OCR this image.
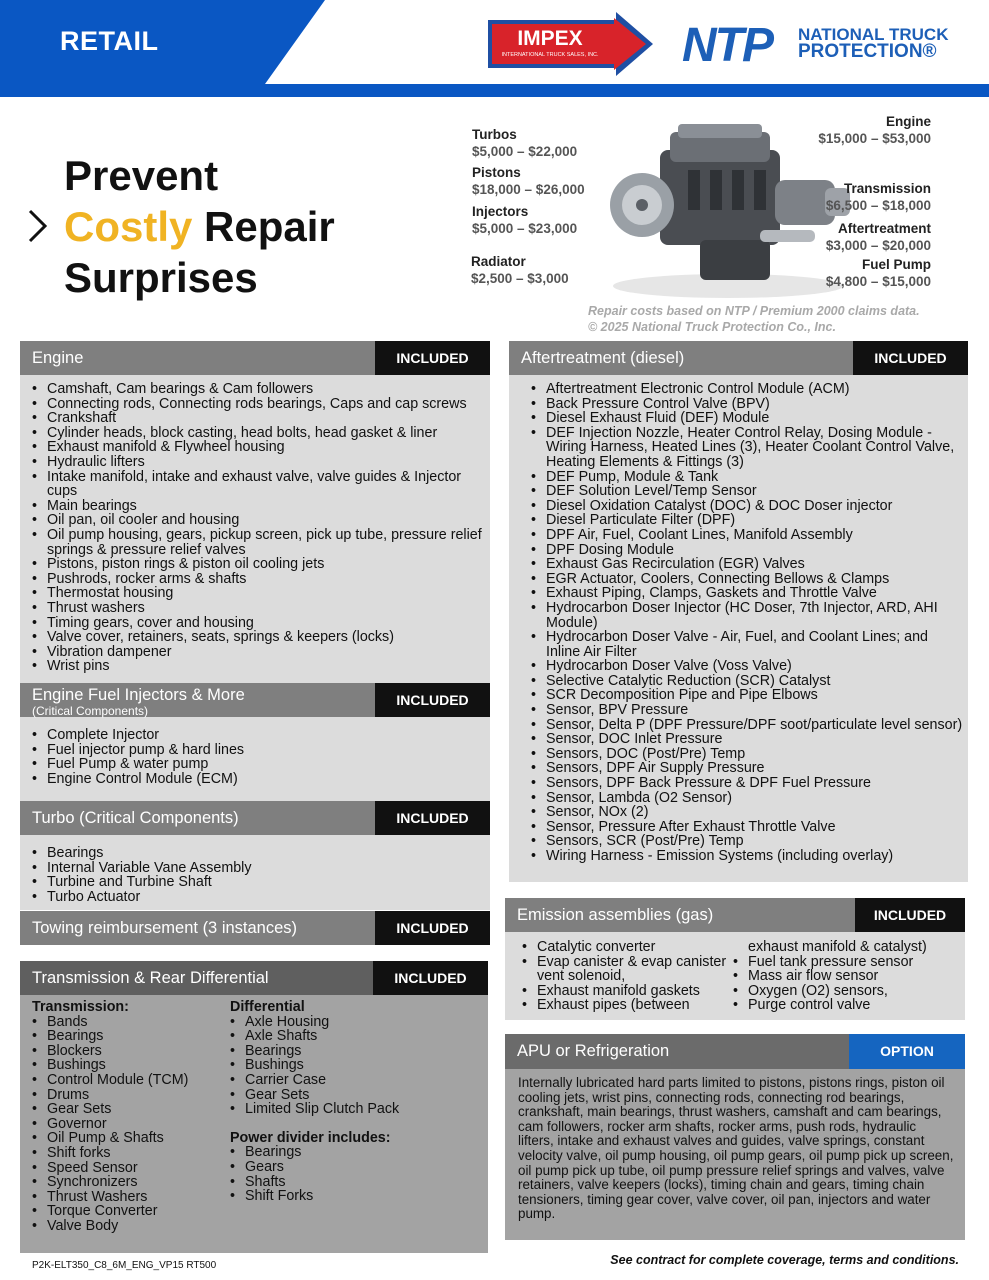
RETAIL	IMPEX
INTERNATIONAL TRUCK SALES, INC. NTP NATIONAL TRUCK
PROTECTION®
Prevent
Costly Repair
Surprises
Turbos
$5,000 – $22,000
Pistons
$18,000 – $26,000
Injectors
$5,000 – $23,000
Radiator
$2,500 – $3,000
Engine
$15,000 – $53,000
Transmission
$6,500 – $18,000
Aftertreatment
$3,000 – $20,000
Fuel Pump
$4,800 – $15,000
Repair costs based on NTP / Premium 2000 claims data.
© 2025 National Truck Protection Co., Inc.
Engine	INCLUDED
• Camshaft, Cam bearings & Cam followers
• Connecting rods, Connecting rods bearings, Caps and cap screws
• Crankshaft
• Cylinder heads, block casting, head bolts, head gasket & liner
• Exhaust manifold & Flywheel housing
• Hydraulic lifters
• Intake manifold, intake and exhaust valve, valve guides & Injector cups
• Main bearings
• Oil pan, oil cooler and housing
• Oil pump housing, gears, pickup screen, pick up tube, pressure relief springs & pressure relief valves
• Pistons, piston rings & piston oil cooling jets
• Pushrods, rocker arms & shafts
• Thermostat housing
• Thrust washers
• Timing gears, cover and housing
• Valve cover, retainers, seats, springs & keepers (locks)
• Vibration dampener
• Wrist pins
Engine Fuel Injectors & More
(Critical Components)
INCLUDED
• Complete Injector
• Fuel injector pump & hard lines
• Fuel Pump & water pump
• Engine Control Module (ECM)
Turbo (Critical Components)	INCLUDED
• Bearings
• Internal Variable Vane Assembly
• Turbine and Turbine Shaft
• Turbo Actuator
Towing reimbursement (3 instances)	INCLUDED
Transmission & Rear Differential	INCLUDED
Transmission:
• Bands
• Bearings
• Blockers
• Bushings
• Control Module (TCM)
• Drums
• Gear Sets
• Governor
• Oil Pump & Shafts
• Shift forks
• Speed Sensor
• Synchronizers
• Thrust Washers
• Torque Converter
• Valve Body
Differential
• Axle Housing
• Axle Shafts
• Bearings
• Bushings
• Carrier Case
• Gear Sets
• Limited Slip Clutch Pack
Power divider includes:
• Bearings
• Gears
• Shafts
• Shift Forks
Aftertreatment (diesel)	INCLUDED
• Aftertreatment Electronic Control Module (ACM)
• Back Pressure Control Valve (BPV)
• Diesel Exhaust Fluid (DEF) Module
• DEF Injection Nozzle, Heater Control Relay, Dosing Module - Wiring Harness, Heated Lines (3), Heater Coolant Control Valve, Heating Elements & Fittings (3)
• DEF Pump, Module & Tank
• DEF Solution Level/Temp Sensor
• Diesel Oxidation Catalyst (DOC) & DOC Doser injector
• Diesel Particulate Filter (DPF)
• DPF Air, Fuel, Coolant Lines, Manifold Assembly
• DPF Dosing Module
• Exhaust Gas Recirculation (EGR) Valves
• EGR Actuator, Coolers, Connecting Bellows & Clamps
• Exhaust Piping, Clamps, Gaskets and Throttle Valve
• Hydrocarbon Doser Injector (HC Doser, 7th Injector, ARD, AHI Module)
• Hydrocarbon Doser Valve - Air, Fuel, and Coolant Lines; and Inline Air Filter
• Hydrocarbon Doser Valve (Voss Valve)
• Selective Catalytic Reduction (SCR) Catalyst
• SCR Decomposition Pipe and Pipe Elbows
• Sensor, BPV Pressure
• Sensor, Delta P (DPF Pressure/DPF soot/particulate level sensor)
• Sensor, DOC Inlet Pressure
• Sensors, DOC (Post/Pre) Temp
• Sensors, DPF Air Supply Pressure
• Sensors, DPF Back Pressure & DPF Fuel Pressure
• Sensor, Lambda (O2 Sensor)
• Sensor, NOx (2)
• Sensor, Pressure After Exhaust Throttle Valve
• Sensors, SCR (Post/Pre) Temp
• Wiring Harness - Emission Systems (including overlay)
Emission assemblies (gas)	INCLUDED
• Catalytic converter
• Evap canister & evap canister vent solenoid,
• Exhaust manifold gaskets
• Exhaust pipes (between
exhaust manifold & catalyst)
• Fuel tank pressure sensor
• Mass air flow sensor
• Oxygen (O2) sensors,
• Purge control valve
APU or Refrigeration	OPTION
Internally lubricated hard parts limited to pistons, pistons rings, piston oil cooling jets, wrist pins, connecting rods, connecting rod bearings, crankshaft, main bearings, thrust washers, camshaft and cam bearings, cam followers, rocker arm shafts, rocker arms, push rods, hydraulic lifters, intake and exhaust valves and guides, valve springs, constant velocity valve, oil pump housing, oil pump gears, oil pump pick up screen, oil pump pick up tube, oil pump pressure relief springs and valves, valve retainers, valve keepers (locks), timing chain and gears, timing chain tensioners, timing gear cover, valve cover, oil pan, injectors and water pump.
P2K-ELT350_C8_6M_ENG_VP15 RT500	See contract for complete coverage, terms and conditions.
